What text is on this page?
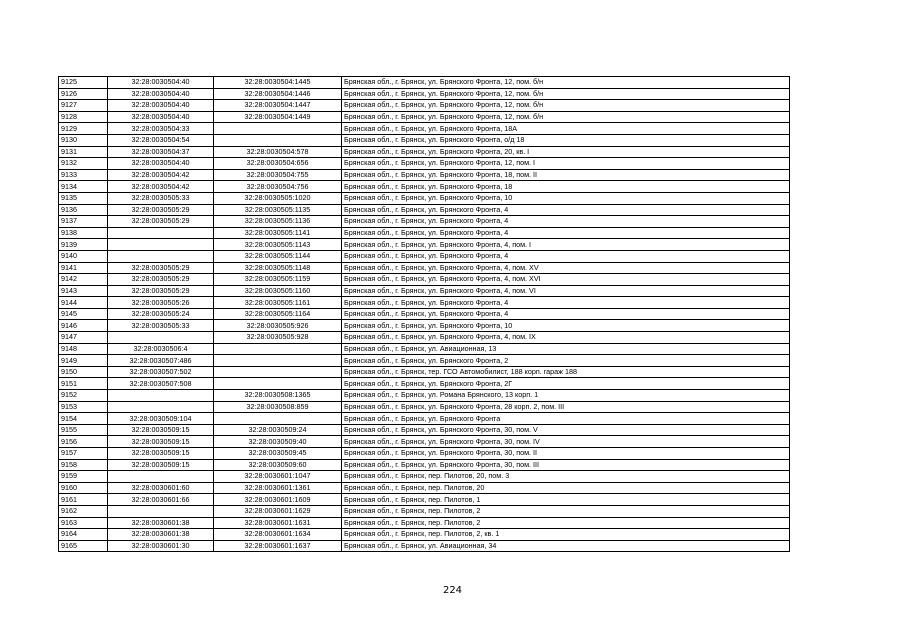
9125	32:28:0030504:40	32:28:0030504:1445	Брянская обл., г. Брянск, ул. Брянского Фронта, 12, пом. б/н
9126	32:28:0030504:40	32:28:0030504:1446	Брянская обл., г. Брянск, ул. Брянского Фронта, 12, пом. б/н
9127	32:28:0030504:40	32:28:0030504:1447	Брянская обл., г. Брянск, ул. Брянского Фронта, 12, пом. б/н
9128	32:28:0030504:40	32:28:0030504:1449	Брянская обл., г. Брянск, ул. Брянского Фронта, 12, пом. б/н
9129	32:28:0030504:33		Брянская обл., г. Брянск, ул. Брянского Фронта, 18А
9130	32:28:0030504:54		Брянская обл., г. Брянск, ул. Брянского Фронта, о/д 18
9131	32:28:0030504:37	32:28:0030504:578	Брянская обл., г. Брянск, ул. Брянского Фронта, 20, кв. I
9132	32:28:0030504:40	32:28:0030504:656	Брянская обл., г. Брянск, ул. Брянского Фронта, 12, пом. I
9133	32:28:0030504:42	32:28:0030504:755	Брянская обл., г. Брянск, ул. Брянского Фронта, 18, пом. II
9134	32:28:0030504:42	32:28:0030504:756	Брянская обл., г. Брянск, ул. Брянского Фронта, 18
9135	32:28:0030505:33	32:28:0030505:1020	Брянская обл., г. Брянск, ул. Брянского Фронта, 10
9136	32:28:0030505:29	32:28:0030505:1135	Брянская обл., г. Брянск, ул. Брянского Фронта, 4
9137	32:28:0030505:29	32:28:0030505:1136	Брянская обл., г. Брянск, ул. Брянского Фронта, 4
9138		32:28:0030505:1141	Брянская обл., г. Брянск, ул. Брянского Фронта, 4
9139		32:28:0030505:1143	Брянская обл., г. Брянск, ул. Брянского Фронта, 4, пом. I
9140		32:28:0030505:1144	Брянская обл., г. Брянск, ул. Брянского Фронта, 4
9141	32:28:0030505:29	32:28:0030505:1148	Брянская обл., г. Брянск, ул. Брянского Фронта, 4, пом. XV
9142	32:28:0030505:29	32:28:0030505:1159	Брянская обл., г. Брянск, ул. Брянского Фронта, 4, пом. XVI
9143	32:28:0030505:29	32:28:0030505:1160	Брянская обл., г. Брянск, ул. Брянского Фронта, 4, пом. VI
9144	32:28:0030505:26	32:28:0030505:1161	Брянская обл., г. Брянск, ул. Брянского Фронта, 4
9145	32:28:0030505:24	32:28:0030505:1164	Брянская обл., г. Брянск, ул. Брянского Фронта, 4
9146	32:28:0030505:33	32:28:0030505:926	Брянская обл., г. Брянск, ул. Брянского Фронта, 10
9147		32:28:0030505:928	Брянская обл., г. Брянск, ул. Брянского Фронта, 4, пом. IX
9148	32:28:0030506:4		Брянская обл., г. Брянск, ул. Авиационная, 13
9149	32:28:0030507:486		Брянская обл., г. Брянск, ул. Брянского Фронта, 2
9150	32:28:0030507:502		Брянская обл., г. Брянск, тер. ГСО Автомобилист, 188 корп. гараж 188
9151	32:28:0030507:508		Брянская обл., г. Брянск, ул. Брянского Фронта, 2Г
9152		32:28:0030508:1365	Брянская обл., г. Брянск, ул. Романа Брянского, 13 корп. 1
9153		32:28:0030508:859	Брянская обл., г. Брянск, ул. Брянского Фронта, 28 корп. 2, пом. III
9154	32:28:0030509:104		Брянская обл., г. Брянск, ул. Брянского Фронта
9155	32:28:0030509:15	32:28:0030509:24	Брянская обл., г. Брянск, ул. Брянского Фронта, 30, пом. V
9156	32:28:0030509:15	32:28:0030509:40	Брянская обл., г. Брянск, ул. Брянского Фронта, 30, пом. IV
9157	32:28:0030509:15	32:28:0030509:45	Брянская обл., г. Брянск, ул. Брянского Фронта, 30, пом. II
9158	32:28:0030509:15	32:28:0030509:60	Брянская обл., г. Брянск, ул. Брянского Фронта, 30, пом. III
9159		32:28:0030601:1047	Брянская обл., г. Брянск, пер. Пилотов, 20, пом. 3
9160	32:28:0030601:60	32:28:0030601:1361	Брянская обл., г. Брянск, пер. Пилотов, 20
9161	32:28:0030601:66	32:28:0030601:1609	Брянская обл., г. Брянск, пер. Пилотов, 1
9162		32:28:0030601:1629	Брянская обл., г. Брянск, пер. Пилотов, 2
9163	32:28:0030601:38	32:28:0030601:1631	Брянская обл., г. Брянск, пер. Пилотов, 2
9164	32:28:0030601:38	32:28:0030601:1634	Брянская обл., г. Брянск, пер. Пилотов, 2, кв. 1
9165	32:28:0030601:30	32:28:0030601:1637	Брянская обл., г. Брянск, ул. Авиационная, 34
224
